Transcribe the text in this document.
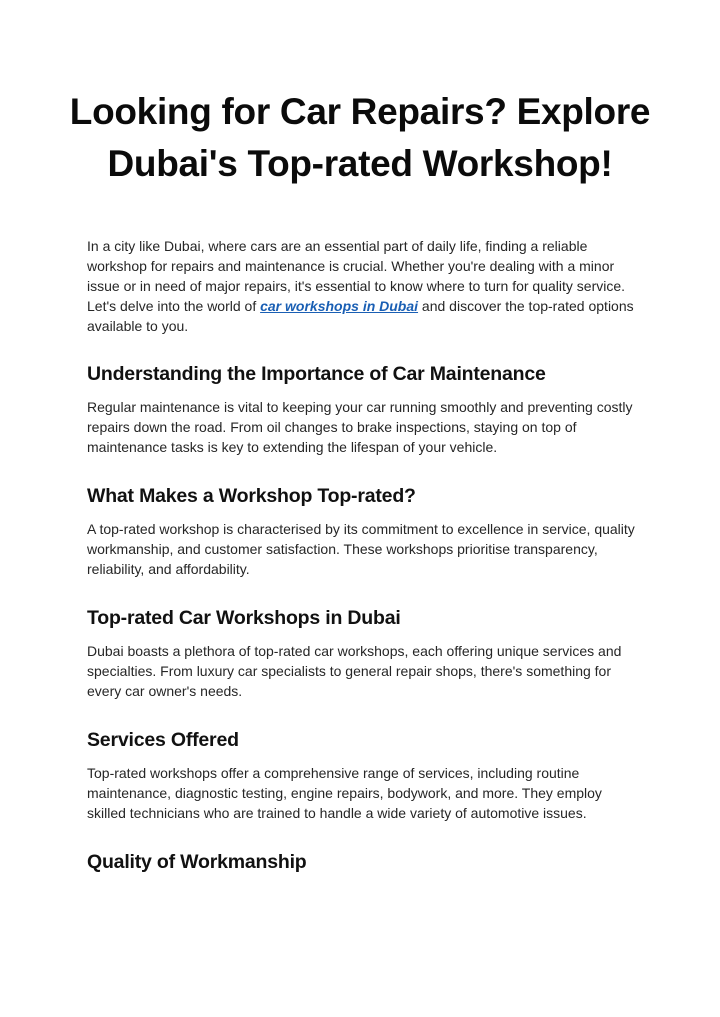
Looking for Car Repairs? Explore Dubai's Top-rated Workshop!

In a city like Dubai, where cars are an essential part of daily life, finding a reliable workshop for repairs and maintenance is crucial. Whether you're dealing with a minor issue or in need of major repairs, it's essential to know where to turn for quality service. Let's delve into the world of car workshops in Dubai and discover the top-rated options available to you.

Understanding the Importance of Car Maintenance

Regular maintenance is vital to keeping your car running smoothly and preventing costly repairs down the road. From oil changes to brake inspections, staying on top of maintenance tasks is key to extending the lifespan of your vehicle.

What Makes a Workshop Top-rated?

A top-rated workshop is characterised by its commitment to excellence in service, quality workmanship, and customer satisfaction. These workshops prioritise transparency, reliability, and affordability.

Top-rated Car Workshops in Dubai

Dubai boasts a plethora of top-rated car workshops, each offering unique services and specialties. From luxury car specialists to general repair shops, there's something for every car owner's needs.

Services Offered

Top-rated workshops offer a comprehensive range of services, including routine maintenance, diagnostic testing, engine repairs, bodywork, and more. They employ skilled technicians who are trained to handle a wide variety of automotive issues.

Quality of Workmanship
